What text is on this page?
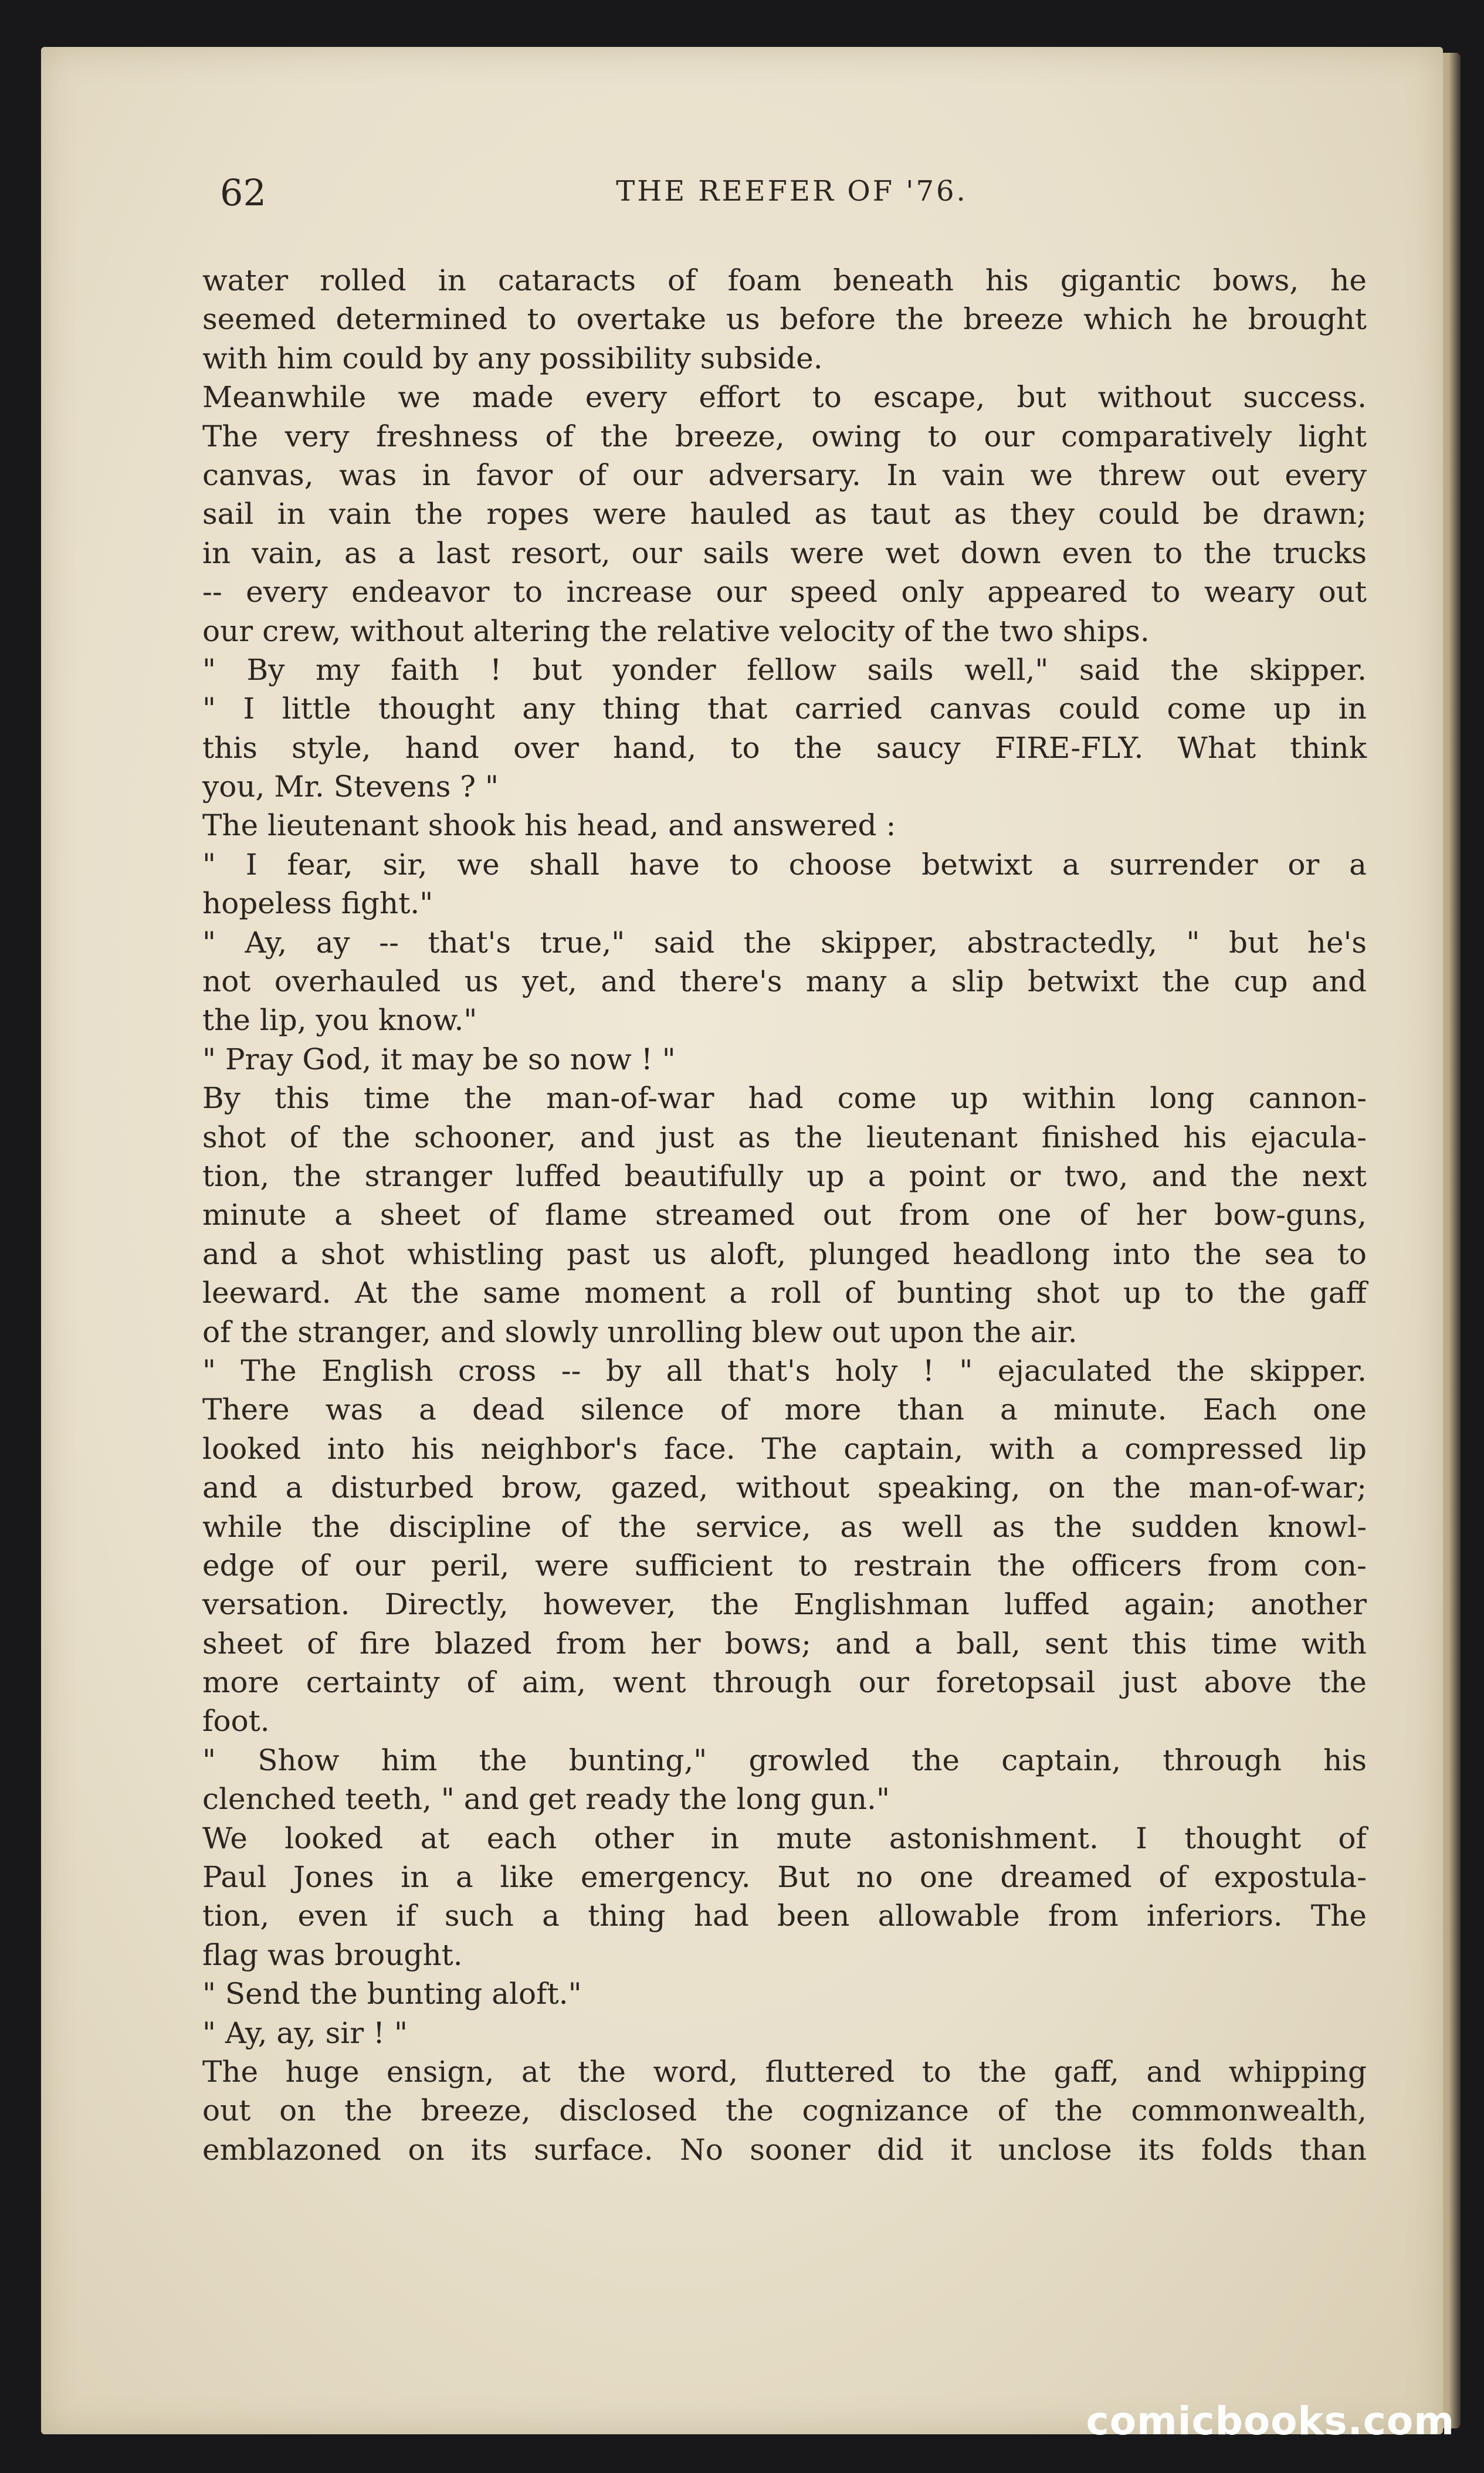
62	THE REEFER OF '76.
water rolled in cataracts of foam beneath his gigantic bows, he
seemed determined to overtake us before the breeze which he brought
with him could by any possibility subside.
Meanwhile we made every effort to escape, but without success.
The very freshness of the breeze, owing to our comparatively light
canvas, was in favor of our adversary. In vain we threw out every
sail in vain the ropes were hauled as taut as they could be drawn;
in vain, as a last resort, our sails were wet down even to the trucks
-- every endeavor to increase our speed only appeared to weary out
our crew, without altering the relative velocity of the two ships.
" By my faith ! but yonder fellow sails well," said the skipper.
" I little thought any thing that carried canvas could come up in
this style, hand over hand, to the saucy FIRE-FLY. What think
you, Mr. Stevens ? "
The lieutenant shook his head, and answered :
" I fear, sir, we shall have to choose betwixt a surrender or a
hopeless fight."
" Ay, ay -- that's true," said the skipper, abstractedly, " but he's
not overhauled us yet, and there's many a slip betwixt the cup and
the lip, you know."
" Pray God, it may be so now ! "
By this time the man-of-war had come up within long cannon-
shot of the schooner, and just as the lieutenant finished his ejacula-
tion, the stranger luffed beautifully up a point or two, and the next
minute a sheet of flame streamed out from one of her bow-guns,
and a shot whistling past us aloft, plunged headlong into the sea to
leeward. At the same moment a roll of bunting shot up to the gaff
of the stranger, and slowly unrolling blew out upon the air.
" The English cross -- by all that's holy ! " ejaculated the skipper.
There was a dead silence of more than a minute. Each one
looked into his neighbor's face. The captain, with a compressed lip
and a disturbed brow, gazed, without speaking, on the man-of-war;
while the discipline of the service, as well as the sudden knowl-
edge of our peril, were sufficient to restrain the officers from con-
versation. Directly, however, the Englishman luffed again; another
sheet of fire blazed from her bows; and a ball, sent this time with
more certainty of aim, went through our foretopsail just above the
foot.
" Show him the bunting," growled the captain, through his
clenched teeth, " and get ready the long gun."
We looked at each other in mute astonishment. I thought of
Paul Jones in a like emergency. But no one dreamed of expostula-
tion, even if such a thing had been allowable from inferiors. The
flag was brought.
" Send the bunting aloft."
" Ay, ay, sir ! "
The huge ensign, at the word, fluttered to the gaff, and whipping
out on the breeze, disclosed the cognizance of the commonwealth,
emblazoned on its surface. No sooner did it unclose its folds than
comicbooks.com
